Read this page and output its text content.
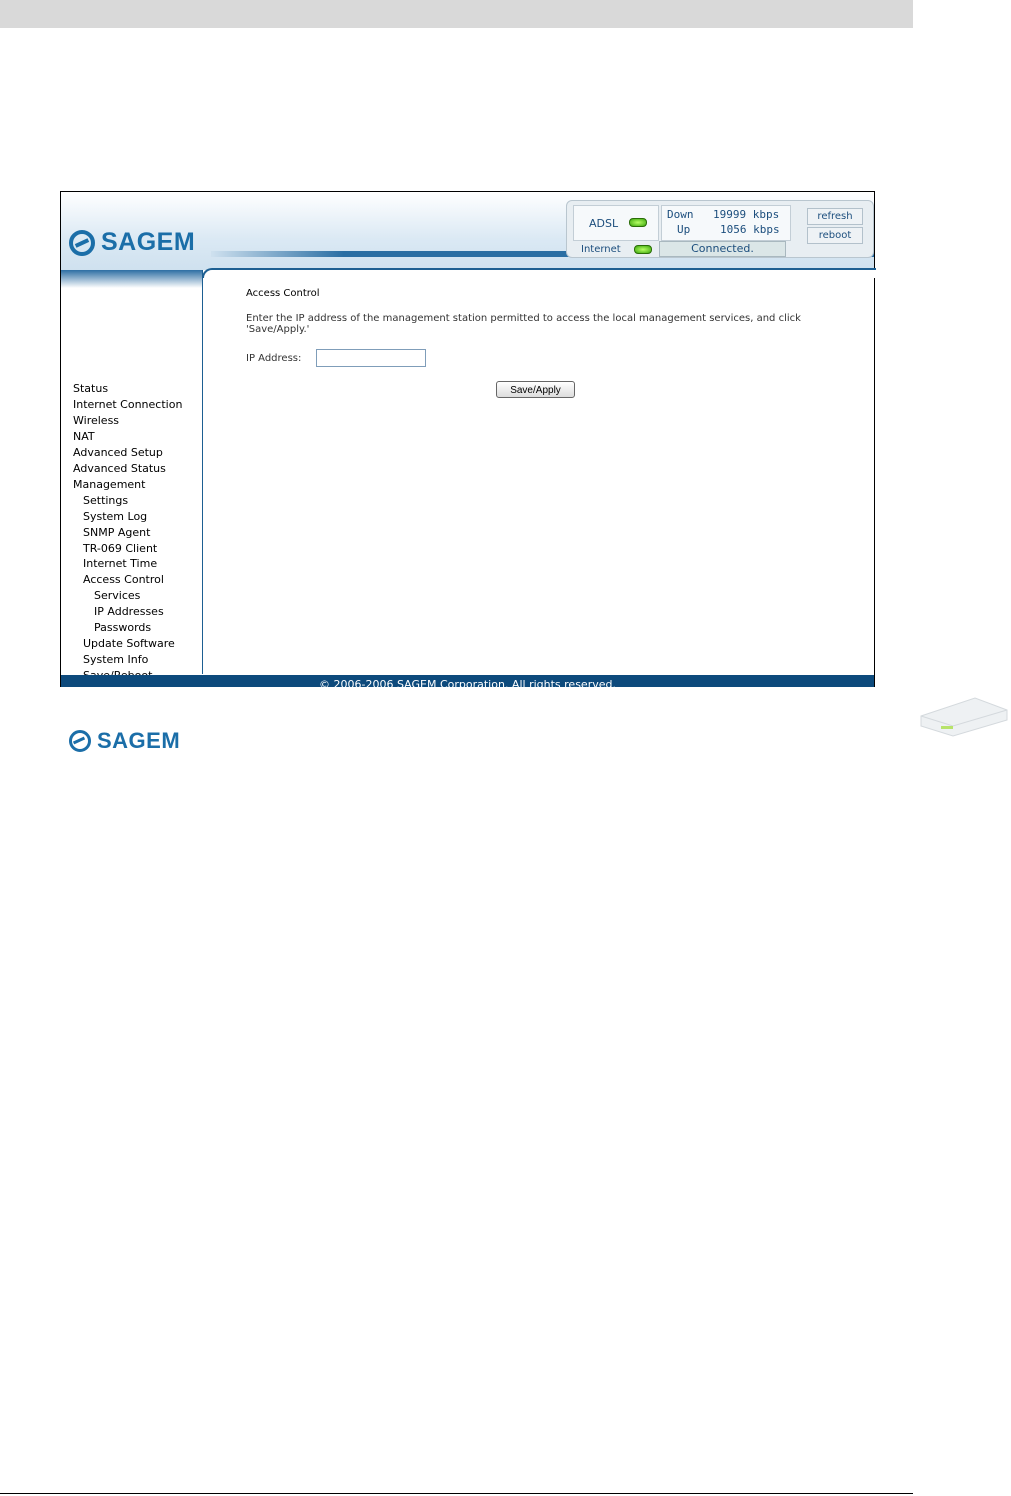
SAGEM
ADSL
Down 19999 kbps
Up	1056 kbps
refresh
reboot
Internet	Connected.
Status
Internet Connection
Wireless
NAT
Advanced Setup
Advanced Status
Management
Settings
System Log
SNMP Agent
TR-069 Client
Internet Time
Access Control
Services
IP Addresses
Passwords
Update Software
System Info
SAGEM
Access Control
Enter the IP address of the management station permitted to access the local management services, and click 'Save/Apply.'
IP Address:
Save/Apply
© 2006-2006 SAGEM Corporation. All rights reserved.
